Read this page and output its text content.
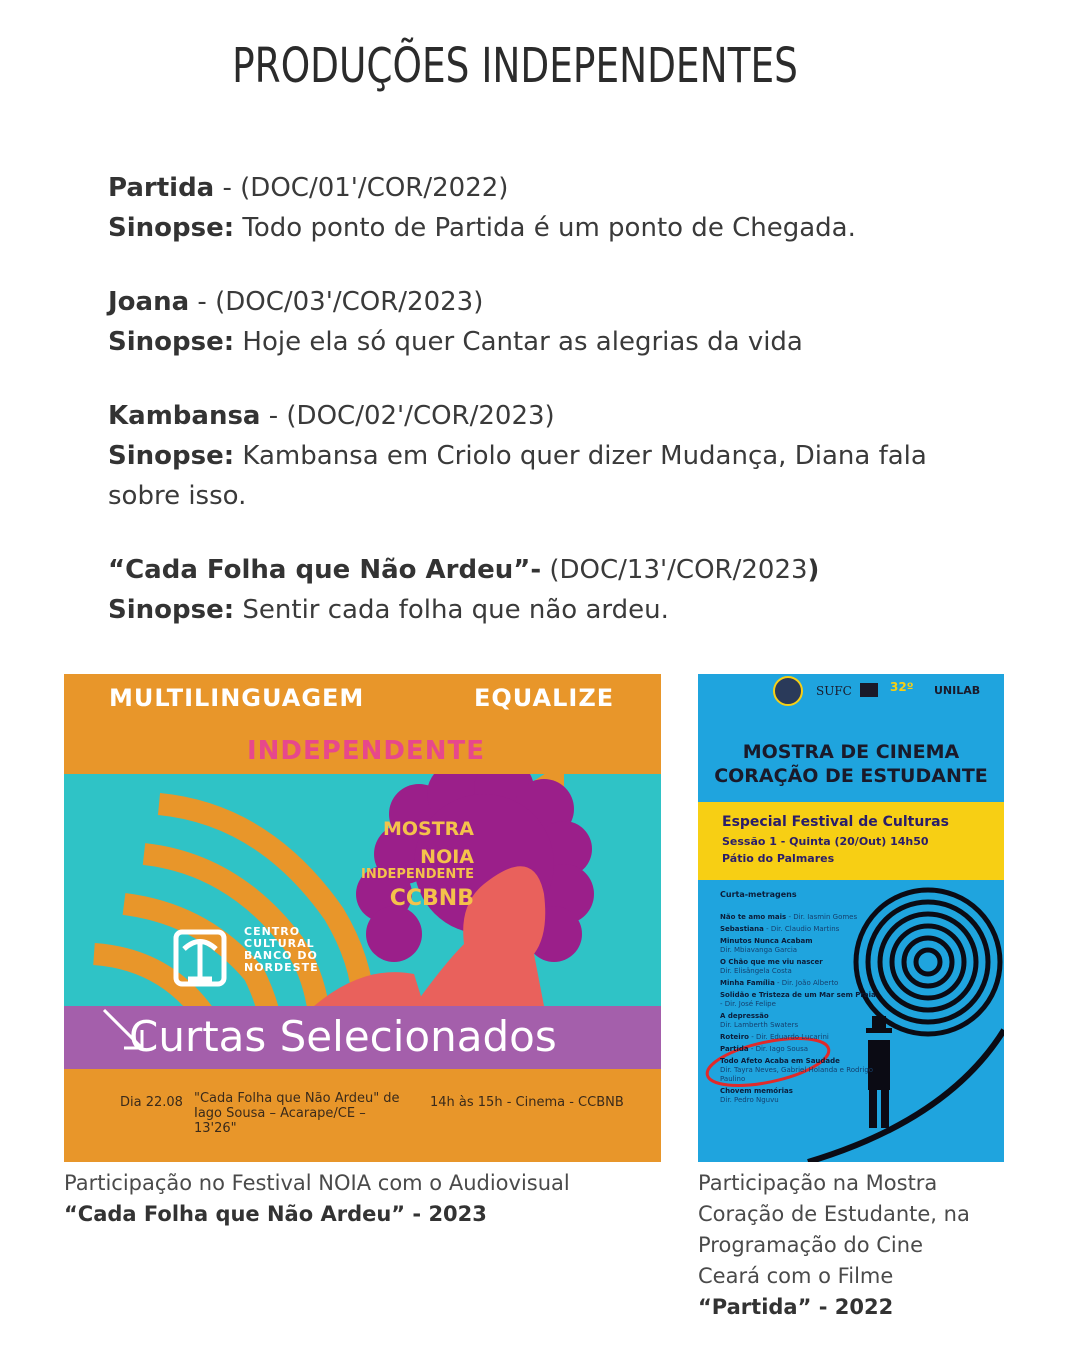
PRODUÇÕES INDEPENDENTES
Partida - (DOC/01'/COR/2022)
Sinopse: Todo ponto de Partida é um ponto de Chegada.
Joana - (DOC/03'/COR/2023)
Sinopse: Hoje ela só quer Cantar as alegrias da vida
Kambansa - (DOC/02'/COR/2023)
Sinopse: Kambansa em Criolo quer dizer Mudança, Diana fala sobre isso.
“Cada Folha que Não Ardeu”- (DOC/13'/COR/2023)
Sinopse: Sentir cada folha que não ardeu.
MULTILINGUAGEM	EQUALIZE
INDEPENDENTE
MOSTRA
NOIA
INDEPENDENTE
CCBNB
CENTRO
CULTURAL
BANCO DO
NORDESTE
Curtas Selecionados
Dia 22.08 "Cada Folha que Não Ardeu" de Iago Sousa – Acarape/CE – 13'26"
14h às 15h - Cinema - CCBNB
SUFC	32º UNILAB
MOSTRA DE CINEMA
CORAÇÃO DE ESTUDANTE
Especial Festival de Culturas
Sessão 1 - Quinta (20/Out) 14h50
Pátio do Palmares
Curta-metragens
Não te amo mais - Dir. Iasmin Gomes
Sebastiana - Dir. Claudio Martins
Minutos Nunca Acabam
Dir. Mbiavanga Garcia
O Chão que me viu nascer
Dir. Elisângela Costa
Minha Família - Dir. João Alberto
Solidão e Tristeza de um Mar sem Praia - Dir. José Felipe
A depressão
Dir. Lamberth Swaters
Roteiro - Dir. Eduardo Lucarini
Partida - Dir. Iago Sousa
Todo Afeto Acaba em Saudade
Dir. Tayra Neves, Gabriel Holanda e Rodrigo Paulino
Chovem memórias
Dir. Pedro Nguvu
Participação no Festival NOIA com o Audiovisual
“Cada Folha que Não Ardeu” - 2023
Participação na Mostra
Coração de Estudante, na
Programação do Cine
Ceará com o Filme
“Partida” - 2022
